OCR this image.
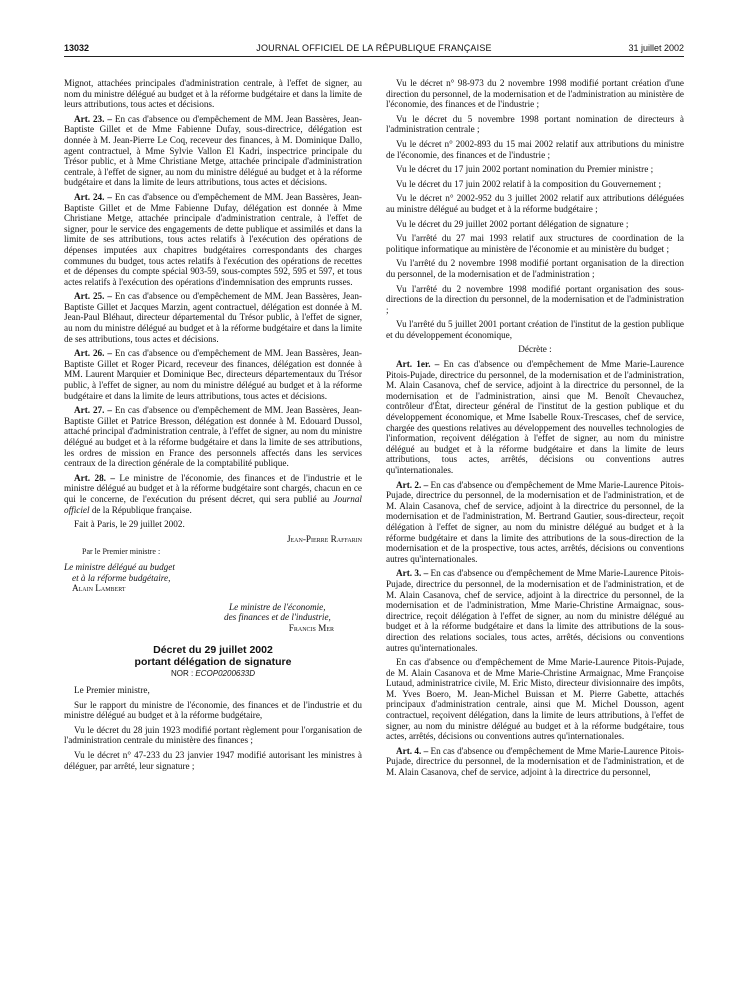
13032	JOURNAL OFFICIEL DE LA RÉPUBLIQUE FRANÇAISE	31 juillet 2002

Mignot, attachées principales d'administration centrale, à l'effet de signer, au nom du ministre délégué au budget et à la réforme budgétaire et dans la limite de leurs attributions, tous actes et décisions.

Art. 23. – En cas d'absence ou d'empêchement de MM. Jean Bassères, Jean-Baptiste Gillet et de Mme Fabienne Dufay, sous-directrice, délégation est donnée à M. Jean-Pierre Le Coq, receveur des finances, à M. Dominique Dallo, agent contractuel, à Mme Sylvie Vallon El Kadri, inspectrice principale du Trésor public, et à Mme Christiane Metge, attachée principale d'administration centrale, à l'effet de signer, au nom du ministre délégué au budget et à la réforme budgétaire et dans la limite de leurs attributions, tous actes et décisions.

Art. 24. – En cas d'absence ou d'empêchement de MM. Jean Bassères, Jean-Baptiste Gillet et de Mme Fabienne Dufay, délégation est donnée à Mme Christiane Metge, attachée principale d'administration centrale, à l'effet de signer, pour le service des engagements de dette publique et assimilés et dans la limite de ses attributions, tous actes relatifs à l'exécution des opérations de dépenses imputées aux chapitres budgétaires correspondants des charges communes du budget, tous actes relatifs à l'exécution des opérations de recettes et de dépenses du compte spécial 903-59, sous-comptes 592, 595 et 597, et tous actes relatifs à l'exécution des opérations d'indemnisation des emprunts russes.

Art. 25. – En cas d'absence ou d'empêchement de MM. Jean Bassères, Jean-Baptiste Gillet et Jacques Marzin, agent contractuel, délégation est donnée à M. Jean-Paul Bléhaut, directeur départemental du Trésor public, à l'effet de signer, au nom du ministre délégué au budget et à la réforme budgétaire et dans la limite de ses attributions, tous actes et décisions.

Art. 26. – En cas d'absence ou d'empêchement de MM. Jean Bassères, Jean-Baptiste Gillet et Roger Picard, receveur des finances, délégation est donnée à MM. Laurent Marquier et Dominique Bec, directeurs départementaux du Trésor public, à l'effet de signer, au nom du ministre délégué au budget et à la réforme budgétaire et dans la limite de leurs attributions, tous actes et décisions.

Art. 27. – En cas d'absence ou d'empêchement de MM. Jean Bassères, Jean-Baptiste Gillet et Patrice Bresson, délégation est donnée à M. Edouard Dussol, attaché principal d'administration centrale, à l'effet de signer, au nom du ministre délégué au budget et à la réforme budgétaire et dans la limite de ses attributions, les ordres de mission en France des personnels affectés dans les services centraux de la direction générale de la comptabilité publique.

Art. 28. – Le ministre de l'économie, des finances et de l'industrie et le ministre délégué au budget et à la réforme budgétaire sont chargés, chacun en ce qui le concerne, de l'exécution du présent décret, qui sera publié au Journal officiel de la République française.

Fait à Paris, le 29 juillet 2002.

Jean-Pierre Raffarin

Par le Premier ministre :

Le ministre délégué au budget

et à la réforme budgétaire,

Alain Lambert

Le ministre de l'économie,

des finances et de l'industrie,

Francis Mer

Décret du 29 juillet 2002
portant délégation de signature

NOR : ECOP0200633D

Le Premier ministre,

Sur le rapport du ministre de l'économie, des finances et de l'industrie et du ministre délégué au budget et à la réforme budgétaire,

Vu le décret du 28 juin 1923 modifié portant règlement pour l'organisation de l'administration centrale du ministère des finances ;

Vu le décret n° 47-233 du 23 janvier 1947 modifié autorisant les ministres à déléguer, par arrêté, leur signature ;

Vu le décret n° 98-973 du 2 novembre 1998 modifié portant création d'une direction du personnel, de la modernisation et de l'administration au ministère de l'économie, des finances et de l'industrie ;

Vu le décret du 5 novembre 1998 portant nomination de directeurs à l'administration centrale ;

Vu le décret n° 2002-893 du 15 mai 2002 relatif aux attributions du ministre de l'économie, des finances et de l'industrie ;

Vu le décret du 17 juin 2002 portant nomination du Premier ministre ;

Vu le décret du 17 juin 2002 relatif à la composition du Gouvernement ;

Vu le décret n° 2002-952 du 3 juillet 2002 relatif aux attributions déléguées au ministre délégué au budget et à la réforme budgétaire ;

Vu le décret du 29 juillet 2002 portant délégation de signature ;

Vu l'arrêté du 27 mai 1993 relatif aux structures de coordination de la politique informatique au ministère de l'économie et au ministère du budget ;

Vu l'arrêté du 2 novembre 1998 modifié portant organisation de la direction du personnel, de la modernisation et de l'administration ;

Vu l'arrêté du 2 novembre 1998 modifié portant organisation des sous-directions de la direction du personnel, de la modernisation et de l'administration ;

Vu l'arrêté du 5 juillet 2001 portant création de l'institut de la gestion publique et du développement économique,

Décrète :

Art. 1er. – En cas d'absence ou d'empêchement de Mme Marie-Laurence Pitois-Pujade, directrice du personnel, de la modernisation et de l'administration, M. Alain Casanova, chef de service, adjoint à la directrice du personnel, de la modernisation et de l'administration, ainsi que M. Benoît Chevauchez, contrôleur d'État, directeur général de l'institut de la gestion publique et du développement économique, et Mme Isabelle Roux-Trescases, chef de service, chargée des questions relatives au développement des nouvelles technologies de l'information, reçoivent délégation à l'effet de signer, au nom du ministre délégué au budget et à la réforme budgétaire et dans la limite de leurs attributions, tous actes, arrêtés, décisions ou conventions autres qu'internationales.

Art. 2. – En cas d'absence ou d'empêchement de Mme Marie-Laurence Pitois-Pujade, directrice du personnel, de la modernisation et de l'administration, et de M. Alain Casanova, chef de service, adjoint à la directrice du personnel, de la modernisation et de l'administration, M. Bertrand Gautier, sous-directeur, reçoit délégation à l'effet de signer, au nom du ministre délégué au budget et à la réforme budgétaire et dans la limite des attributions de la sous-direction de la modernisation et de la prospective, tous actes, arrêtés, décisions ou conventions autres qu'internationales.

Art. 3. – En cas d'absence ou d'empêchement de Mme Marie-Laurence Pitois-Pujade, directrice du personnel, de la modernisation et de l'administration, et de M. Alain Casanova, chef de service, adjoint à la directrice du personnel, de la modernisation et de l'administration, Mme Marie-Christine Armaignac, sous-directrice, reçoit délégation à l'effet de signer, au nom du ministre délégué au budget et à la réforme budgétaire et dans la limite des attributions de la sous-direction des relations sociales, tous actes, arrêtés, décisions ou conventions autres qu'internationales.

En cas d'absence ou d'empêchement de Mme Marie-Laurence Pitois-Pujade, de M. Alain Casanova et de Mme Marie-Christine Armaignac, Mme Françoise Lutaud, administratrice civile, M. Eric Misto, directeur divisionnaire des impôts, M. Yves Boero, M. Jean-Michel Buissan et M. Pierre Gabette, attachés principaux d'administration centrale, ainsi que M. Michel Dousson, agent contractuel, reçoivent délégation, dans la limite de leurs attributions, à l'effet de signer, au nom du ministre délégué au budget et à la réforme budgétaire, tous actes, arrêtés, décisions ou conventions autres qu'internationales.

Art. 4. – En cas d'absence ou d'empêchement de Mme Marie-Laurence Pitois-Pujade, directrice du personnel, de la modernisation et de l'administration, et de M. Alain Casanova, chef de service, adjoint à la directrice du personnel,
